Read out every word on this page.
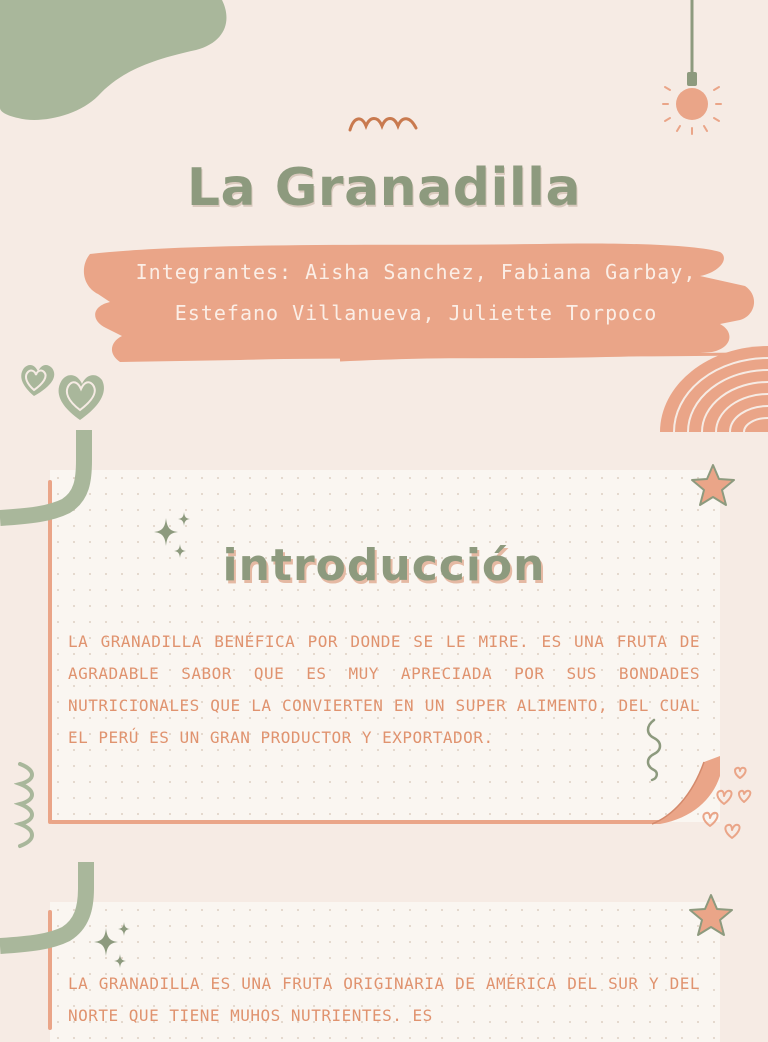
La Granadilla
Integrantes: Aisha Sanchez, Fabiana Garbay,
Estefano Villanueva, Juliette Torpoco
introducción
LA GRANADILLA BENÉFICA POR DONDE SE LE MIRE. ES UNA FRUTA DE AGRADABLE SABOR QUE ES MUY APRECIADA POR SUS BONDADES NUTRICIONALES QUE LA CONVIERTEN EN UN SUPER ALIMENTO, DEL CUAL EL PERÚ ES UN GRAN PRODUCTOR Y EXPORTADOR.
LA GRANADILLA ES UNA FRUTA ORIGINARIA DE AMÉRICA DEL SUR Y DEL NORTE QUE TIENE MUHOS NUTRIENTES. ES
